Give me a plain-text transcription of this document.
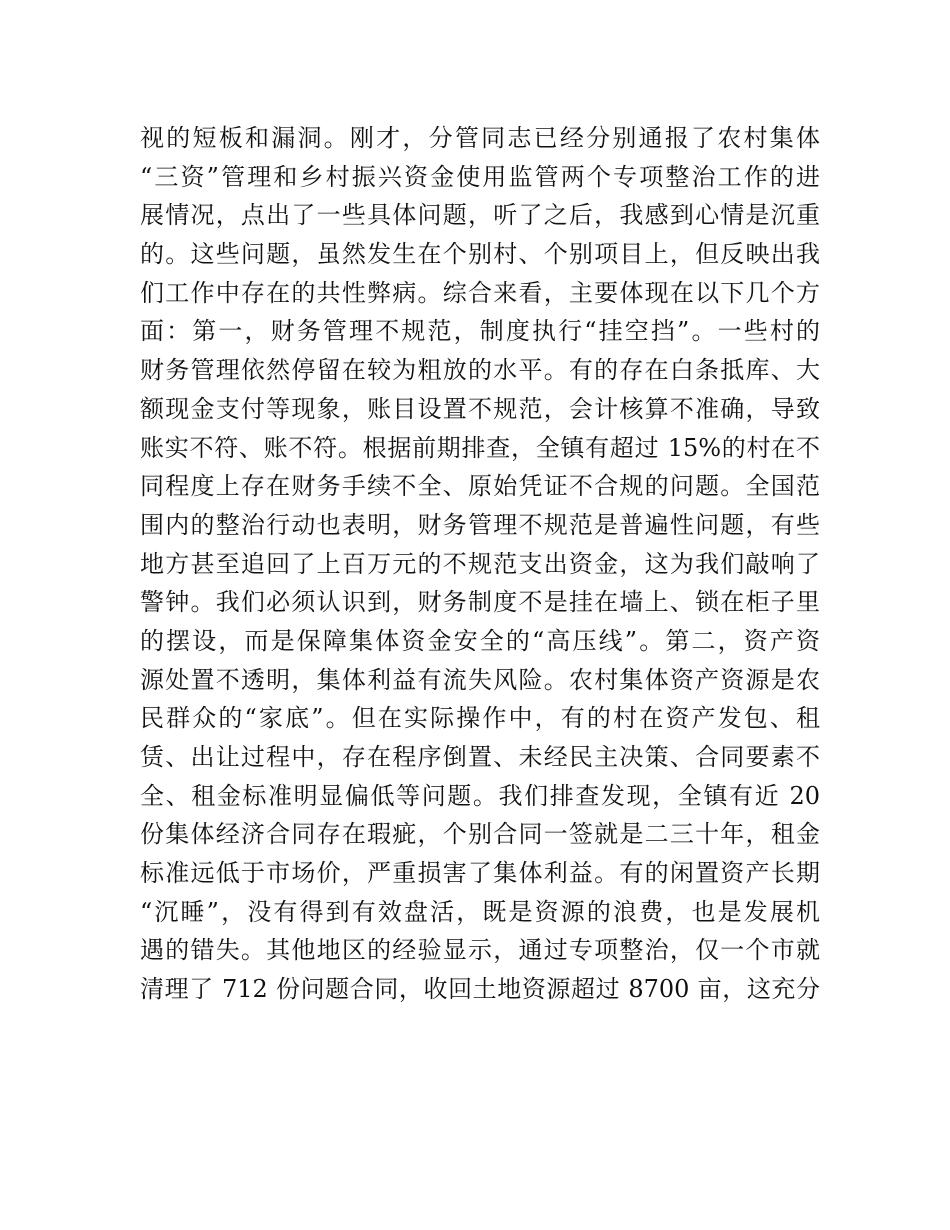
视的短板和漏洞。刚才，分管同志已经分别通报了农村集体
“三资”管理和乡村振兴资金使用监管两个专项整治工作的进
展情况，点出了一些具体问题，听了之后，我感到心情是沉重
的。这些问题，虽然发生在个别村、个别项目上，但反映出我
们工作中存在的共性弊病。综合来看，主要体现在以下几个方
面：第一，财务管理不规范，制度执行“挂空挡”。一些村的
财务管理依然停留在较为粗放的水平。有的存在白条抵库、大
额现金支付等现象，账目设置不规范，会计核算不准确，导致
账实不符、账不符。根据前期排查，全镇有超过 15%的村在不
同程度上存在财务手续不全、原始凭证不合规的问题。全国范
围内的整治行动也表明，财务管理不规范是普遍性问题，有些
地方甚至追回了上百万元的不规范支出资金，这为我们敲响了
警钟。我们必须认识到，财务制度不是挂在墙上、锁在柜子里
的摆设，而是保障集体资金安全的“高压线”。第二，资产资
源处置不透明，集体利益有流失风险。农村集体资产资源是农
民群众的“家底”。但在实际操作中，有的村在资产发包、租
赁、出让过程中，存在程序倒置、未经民主决策、合同要素不
全、租金标准明显偏低等问题。我们排查发现，全镇有近 20
份集体经济合同存在瑕疵，个别合同一签就是二三十年，租金
标准远低于市场价，严重损害了集体利益。有的闲置资产长期
“沉睡”，没有得到有效盘活，既是资源的浪费，也是发展机
遇的错失。其他地区的经验显示，通过专项整治，仅一个市就
清理了 712 份问题合同，收回土地资源超过 8700 亩，这充分
